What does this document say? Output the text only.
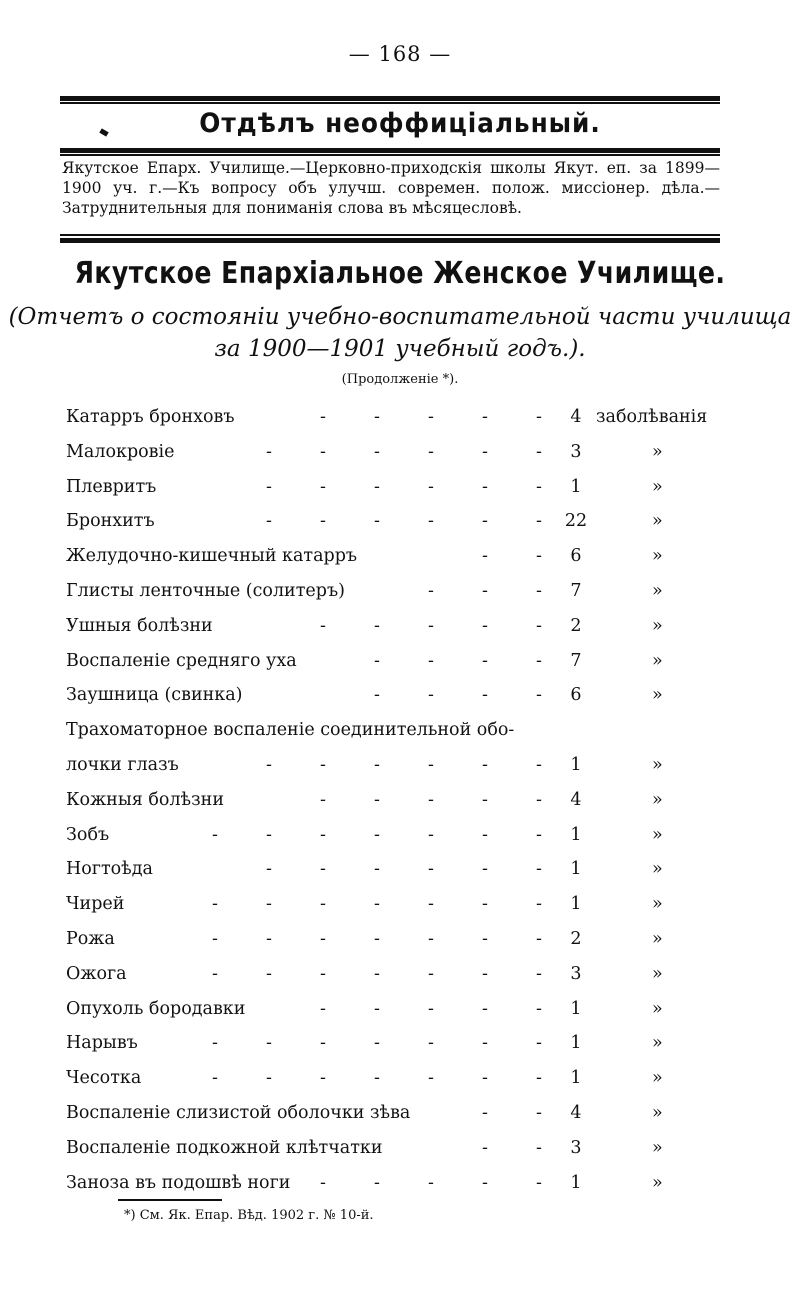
— 168 —
Отдѣлъ неоффиціальный.
Якутское Епарх. Училище.—Церковно-приходскія школы Якут. еп. за 1899—1900 уч. г.—Къ вопросу объ улучш. современ. полож. миссіонер. дѣла.—Затруднительныя для пониманія слова въ мѣсяцесловѣ.
Якутское Епархіальное Женское Училище.
(Отчетъ о состояніи учебно-воспитательной части училища
за 1900—1901 учебный годъ.).
(Продолженіе *).
Катарръ бронховъ	-	-	-	-	-	4 заболѣванія
Малокровіе	-	-	-	-	-	-	3	»
Плевритъ	-	-	-	-	-	-	1	»
Бронхитъ	-	-	-	-	-	-	22	»
Желудочно-кишечный катарръ	-	-	6	»
Глисты ленточные (солитеръ)	-	-	-	7	»
Ушныя болѣзни	-	-	-	-	-	2	»
Воспаленіе средняго уха	-	-	-	-	7	»
Заушница (свинка)	-	-	-	-	6	»
Трахоматорное воспаленіе соединительной обо-
лочки глазъ	-	-	-	-	-	-	1	»
Кожныя болѣзни	-	-	-	-	-	4	»
Зобъ	-	-	-	-	-	-	-	1	»
Ногтоѣда	-	-	-	-	-	-	1	»
Чирей	-	-	-	-	-	-	-	1	»
Рожа	-	-	-	-	-	-	-	2	»
Ожога	-	-	-	-	-	-	-	3	»
Опухоль бородавки	-	-	-	-	-	1	»
Нарывъ	-	-	-	-	-	-	-	1	»
Чесотка	-	-	-	-	-	-	-	1	»
Воспаленіе слизистой оболочки зѣва	-	-	4	»
Воспаленіе подкожной клѣтчатки	-	-	3	»
Заноза въ подошвѣ ноги	-	-	-	-	-	1	»
*) См. Як. Епар. Вѣд. 1902 г. № 10-й.
